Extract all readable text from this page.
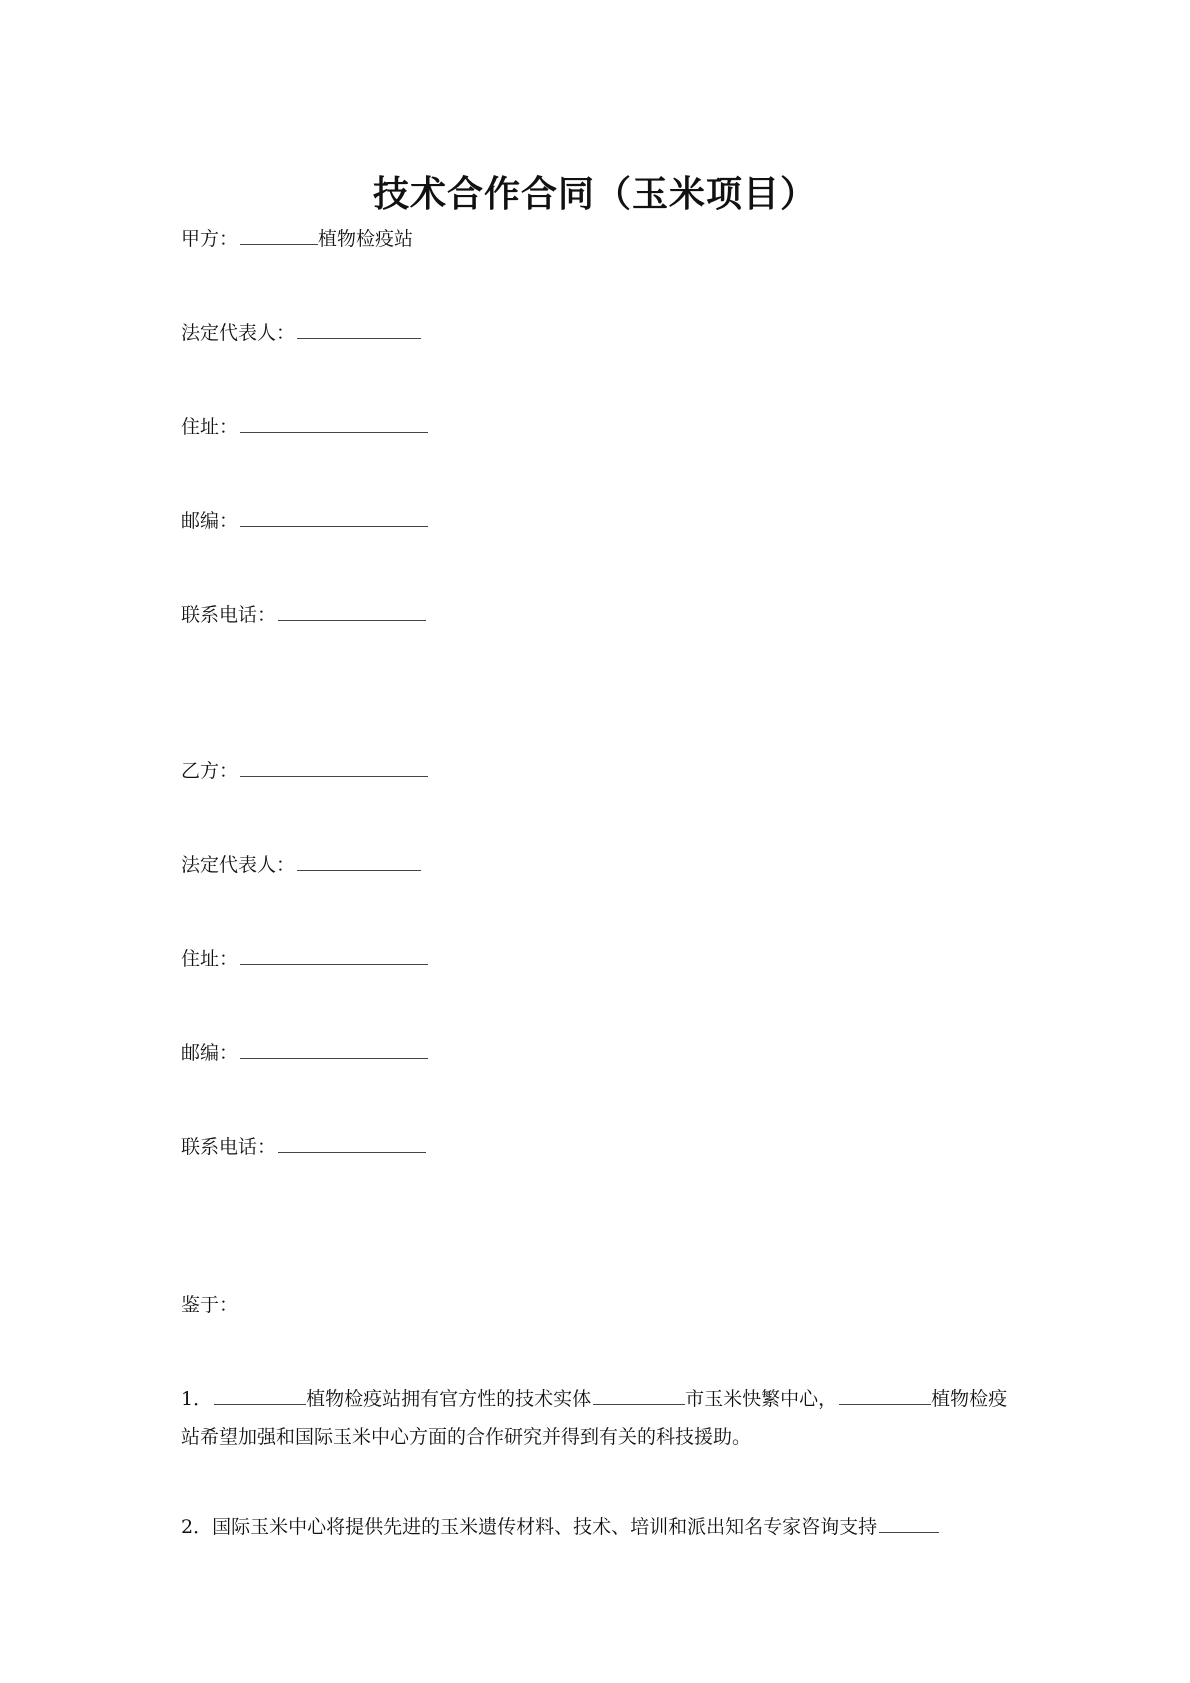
技术合作合同（玉米项目）
甲方：	植物检疫站
法定代表人：
住址：
邮编：
联系电话：
乙方：
法定代表人：
住址：
邮编：
联系电话：
鉴于：
1．	植物检疫站拥有官方性的技术实体	市玉米快繁中心，	植物检疫站希望加强和国际玉米中心方面的合作研究并得到有关的科技援助。
2．国际玉米中心将提供先进的玉米遗传材料、技术、培训和派出知名专家咨询支持
